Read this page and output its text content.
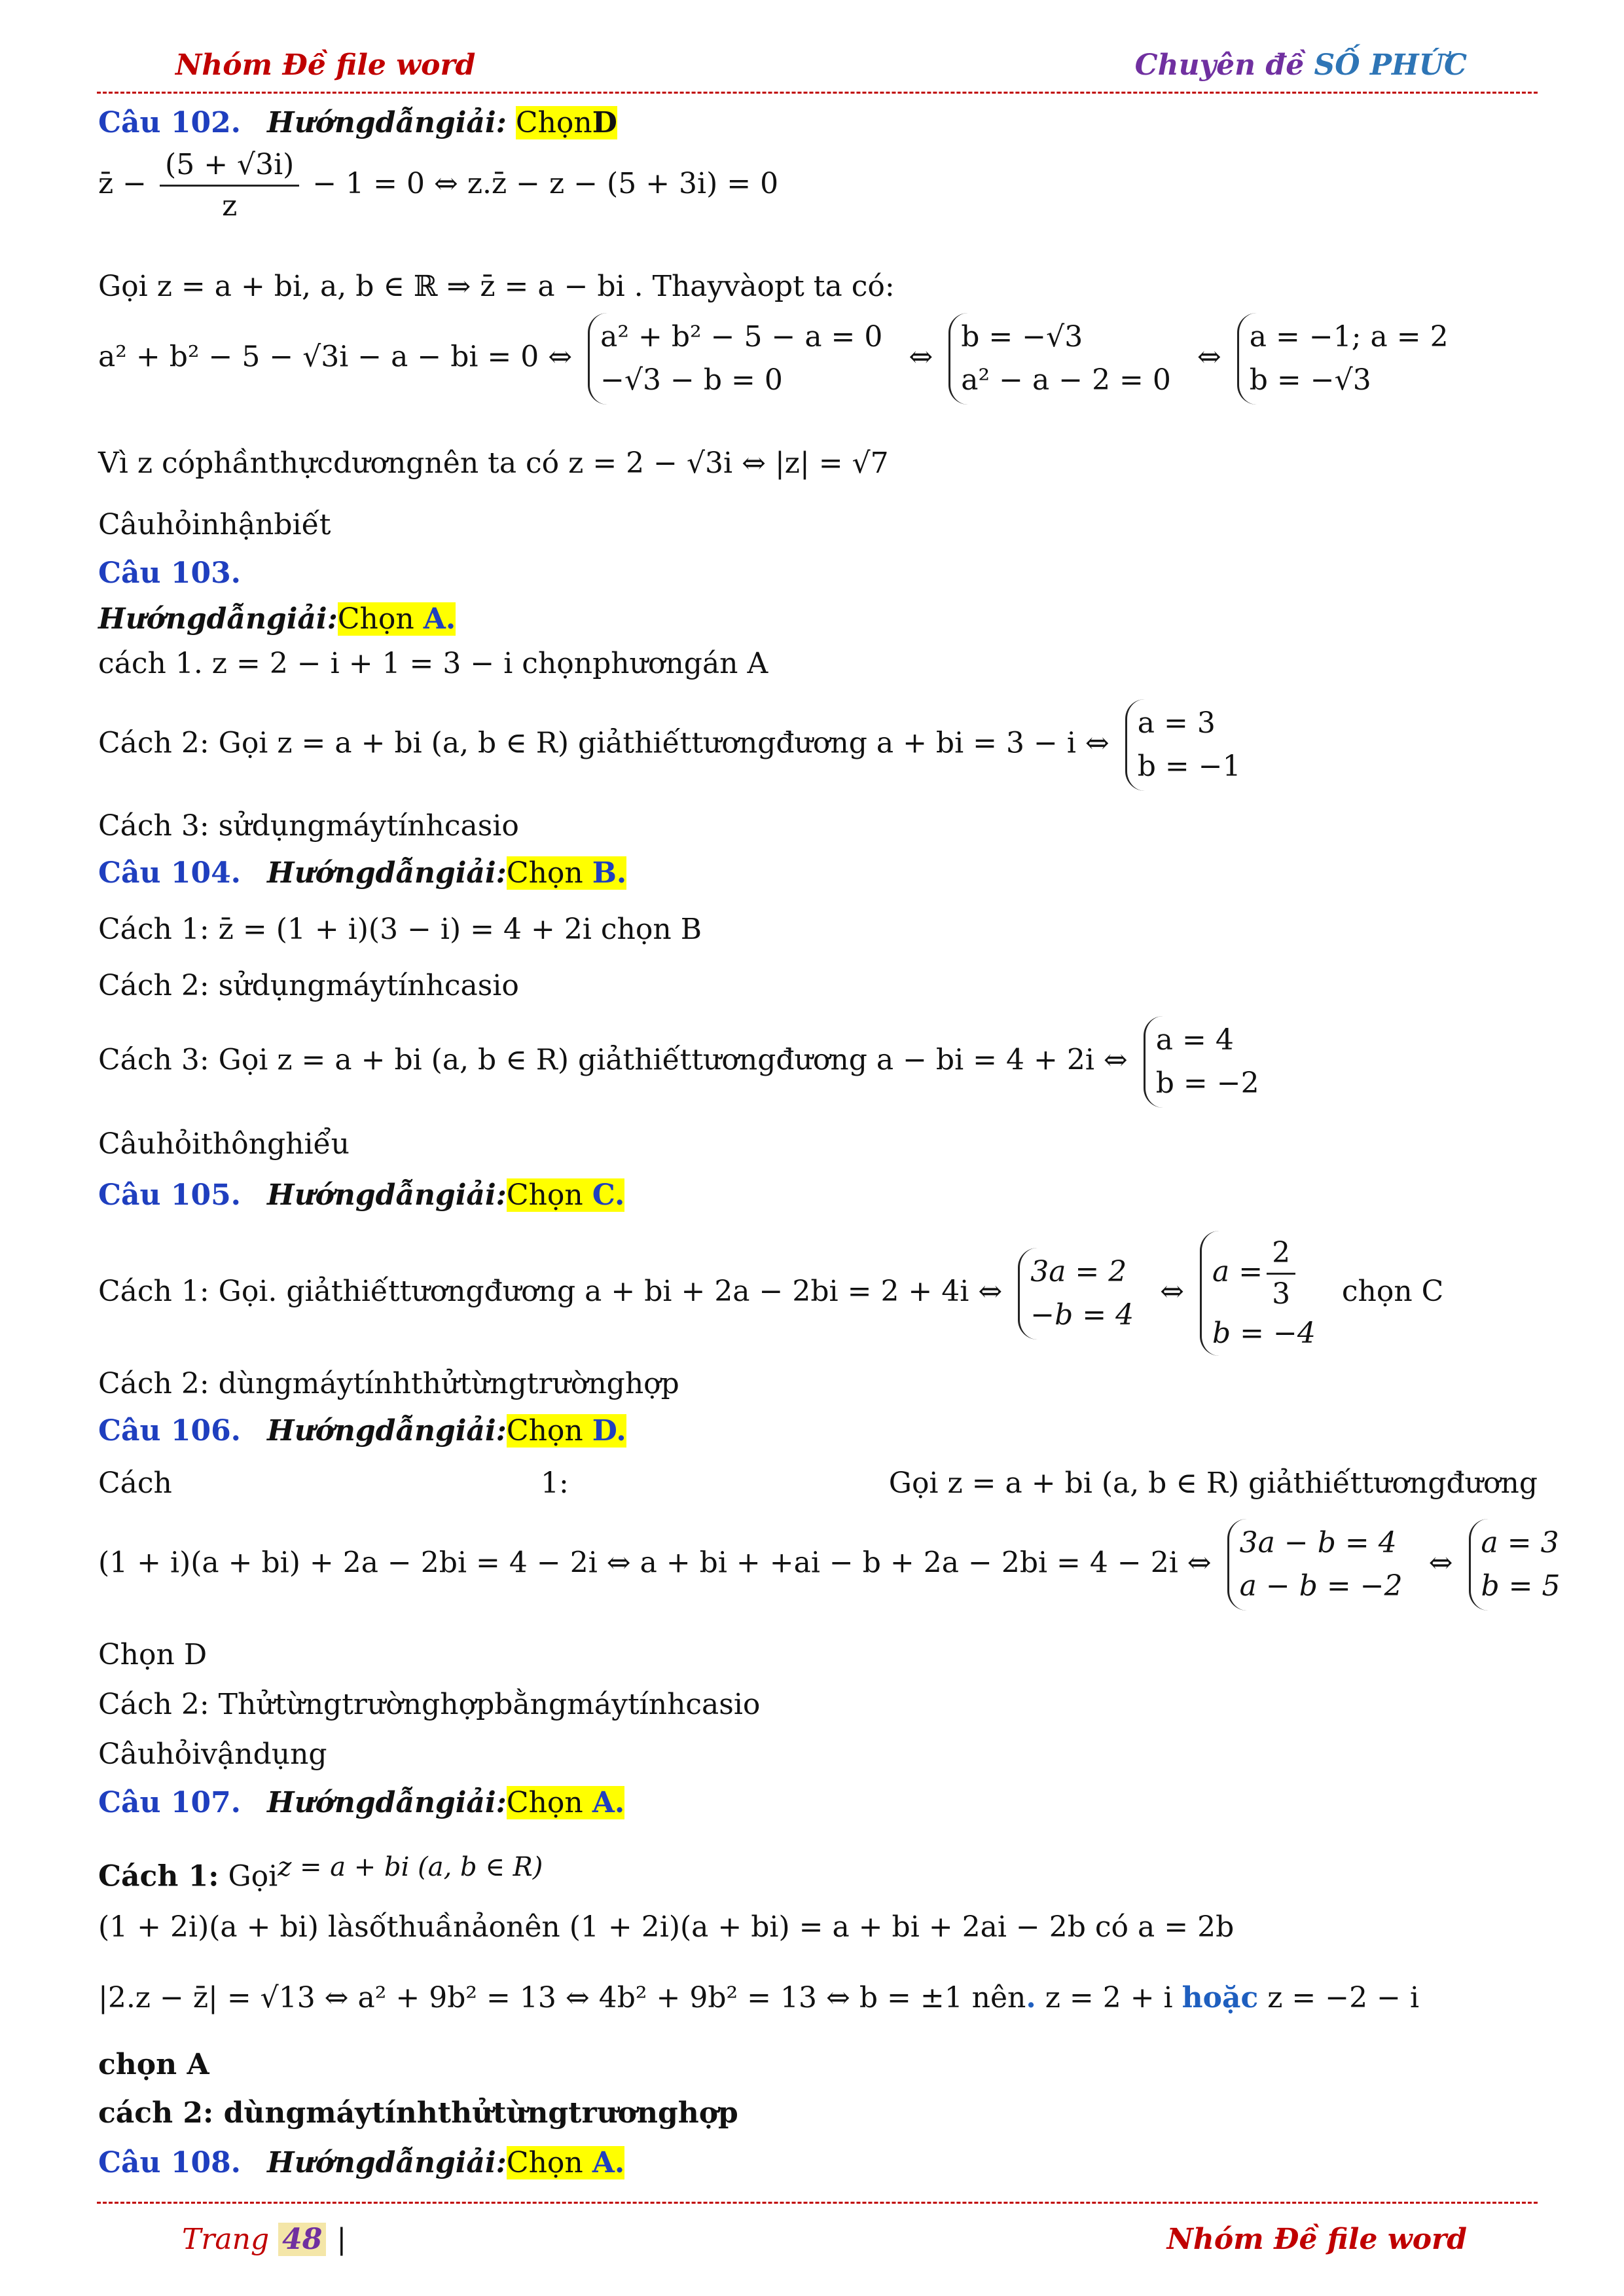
Nhóm Đề file word	Chuyên đề SỐ PHỨC
Câu 102. Hướngdẫngiải: ChọnD
z̄ − $\frac{(5 + √3i)}{z} - 1 = 0$ ⇔ z.z̄ − z − (5 + 3i) = 0
Gọi z = a + bi, a, b ∈ ℝ ⇒ z̄ = a − bi . Thayvàopt ta có:
a² + b² − 5 − √3i − a − bi = 0 ⇔ a² + b² − 5 − a = 0
−√3 − b = 0 ⇔ b = −√3
a² − a − 2 = 0 ⇔ a = −1; a = 2
b = −√3
Vì z cóphầnthựcdươngnên ta có z = 2 − √3i ⇔ |z| = √7
Câuhỏinhậnbiết
Câu 103.
Hướngdẫngiải:Chọn A.
cách 1. z = 2 − i + 1 = 3 − i chọnphươngán A
Cách 2: Gọi z = a + bi (a, b ∈ R) giảthiếttươngđương a + bi = 3 − i ⇔ a = 3
b = −1
Cách 3: sửdụngmáytínhcasio
Câu 104. Hướngdẫngiải:Chọn B.
Cách 1: z̄ = (1 + i)(3 − i) = 4 + 2i chọn B
Cách 2: sửdụngmáytínhcasio
Cách 3: Gọi z = a + bi (a, b ∈ R) giảthiếttươngđương a − bi = 4 + 2i ⇔ a = 4
b = −2
Câuhỏithônghiểu
Câu 105. Hướngdẫngiải:Chọn C.
Cách 1: Gọi. giảthiếttươngđương a + bi + 2a − 2bi = 2 + 4i ⇔ 3a = 2
−b = 4 ⇔ $a = \frac{2}{3}$

b = −4 chọn C
Cách 2: dùngmáytínhthửtừngtrườnghợp
Câu 106. Hướngdẫngiải:Chọn D.
Cách	1:	Gọi z = a + bi (a, b ∈ R) giảthiếttươngđương
(1 + i)(a + bi) + 2a − 2bi = 4 − 2i ⇔ a + bi + +ai − b + 2a − 2bi = 4 − 2i ⇔ 3a − b = 4
a − b = −2 ⇔ a = 3
b = 5
Chọn D
Cách 2: Thửtừngtrườnghợpbằngmáytínhcasio
Câuhỏivậndụng
Câu 107. Hướngdẫngiải:Chọn A.
Cách 1: Gọi$^{z = a + bi (a, b \in R)}$
(1 + 2i)(a + bi) làsốthuầnảonên (1 + 2i)(a + bi) = a + bi + 2ai − 2b có a = 2b
|2.z − z̄| = √13 ⇔ a² + 9b² = 13 ⇔ 4b² + 9b² = 13 ⇔ b = ±1 nên. z = 2 + i hoặc z = −2 − i
chọn A
cách 2: dùngmáytínhthửtừngtrươnghợp
Câu 108. Hướngdẫngiải:Chọn A.
Trang 48 |	Nhóm Đề file word
